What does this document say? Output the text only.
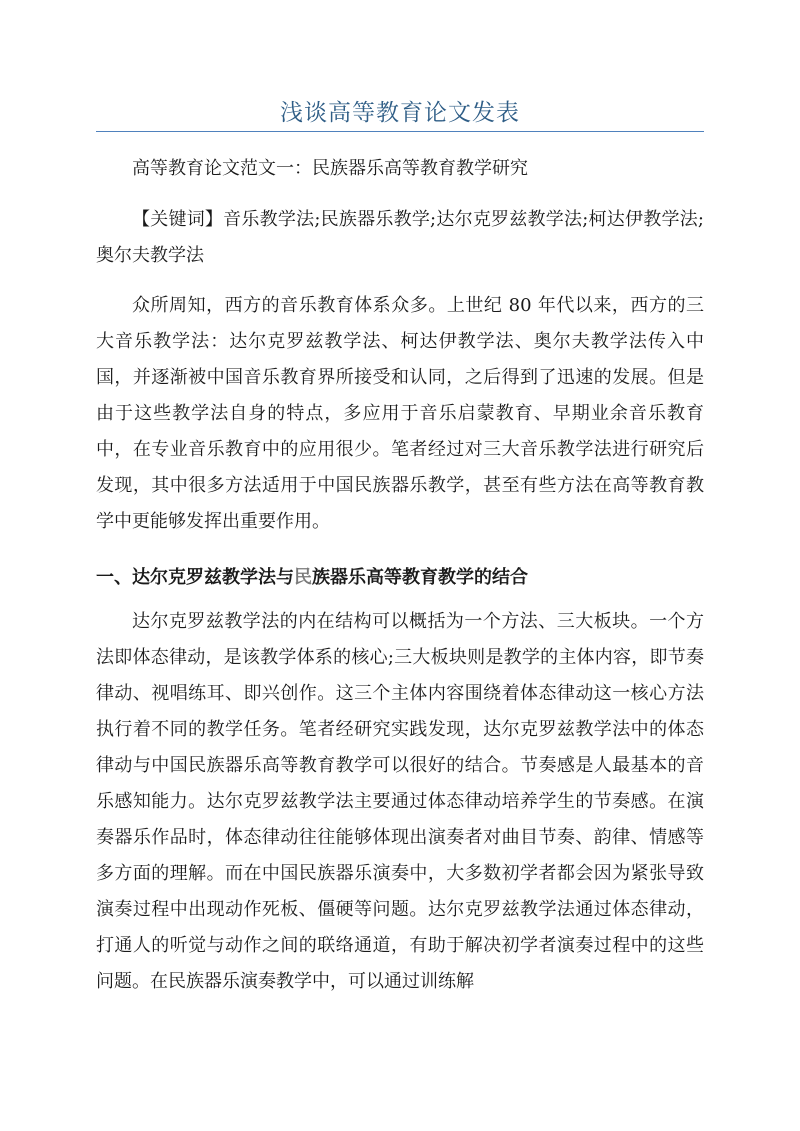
浅谈高等教育论文发表

高等教育论文范文一：民族器乐高等教育教学研究

【关键词】音乐教学法;民族器乐教学;达尔克罗兹教学法;柯达伊教学法;奥尔夫教学法

众所周知，西方的音乐教育体系众多。上世纪 80 年代以来，西方的三大音乐教学法：达尔克罗兹教学法、柯达伊教学法、奥尔夫教学法传入中国，并逐渐被中国音乐教育界所接受和认同，之后得到了迅速的发展。但是由于这些教学法自身的特点，多应用于音乐启蒙教育、早期业余音乐教育中，在专业音乐教育中的应用很少。笔者经过对三大音乐教学法进行研究后发现，其中很多方法适用于中国民族器乐教学，甚至有些方法在高等教育教学中更能够发挥出重要作用。

一、达尔克罗兹教学法与民族器乐高等教育教学的结合

达尔克罗兹教学法的内在结构可以概括为一个方法、三大板块。一个方法即体态律动，是该教学体系的核心;三大板块则是教学的主体内容，即节奏律动、视唱练耳、即兴创作。这三个主体内容围绕着体态律动这一核心方法执行着不同的教学任务。笔者经研究实践发现，达尔克罗兹教学法中的体态律动与中国民族器乐高等教育教学可以很好的结合。节奏感是人最基本的音乐感知能力。达尔克罗兹教学法主要通过体态律动培养学生的节奏感。在演奏器乐作品时，体态律动往往能够体现出演奏者对曲目节奏、韵律、情感等多方面的理解。而在中国民族器乐演奏中，大多数初学者都会因为紧张导致演奏过程中出现动作死板、僵硬等问题。达尔克罗兹教学法通过体态律动，打通人的听觉与动作之间的联络通道，有助于解决初学者演奏过程中的这些问题。在民族器乐演奏教学中，可以通过训练解
